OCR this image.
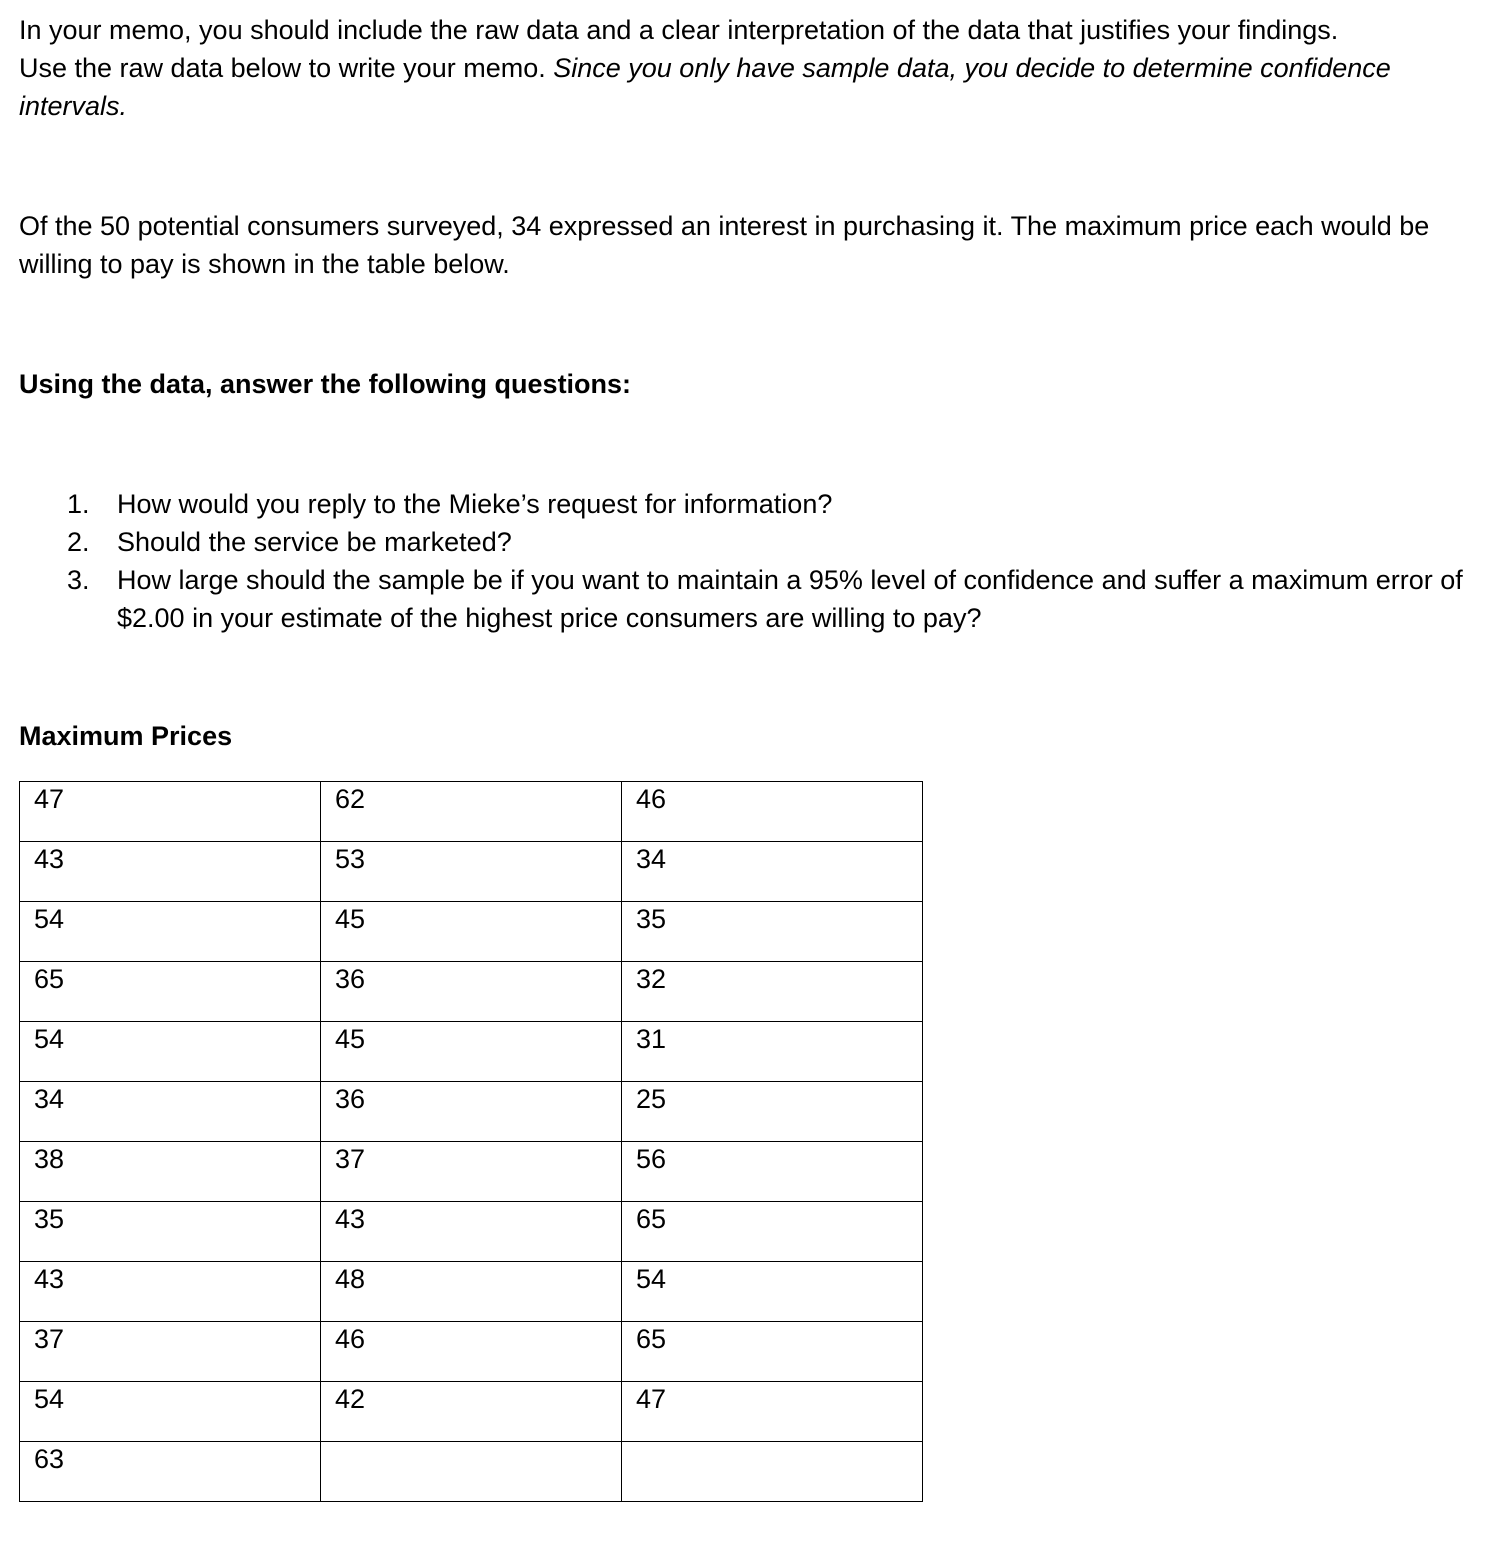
In your memo, you should include the raw data and a clear interpretation of the data that justifies your findings.
Use the raw data below to write your memo. Since you only have sample data, you decide to determine confidence intervals.

Of the 50 potential consumers surveyed, 34 expressed an interest in purchasing it. The maximum price each would be willing to pay is shown in the table below.

Using the data, answer the following questions:

1.	How would you reply to the Mieke’s request for information?
2.	Should the service be marketed?
3.	How large should the sample be if you want to maintain a 95% level of confidence and suffer a maximum error of $2.00 in your estimate of the highest price consumers are willing to pay?

Maximum Prices

47	62	46
43	53	34
54	45	35
65	36	32
54	45	31
34	36	25
38	37	56
35	43	65
43	48	54
37	46	65
54	42	47
63		
